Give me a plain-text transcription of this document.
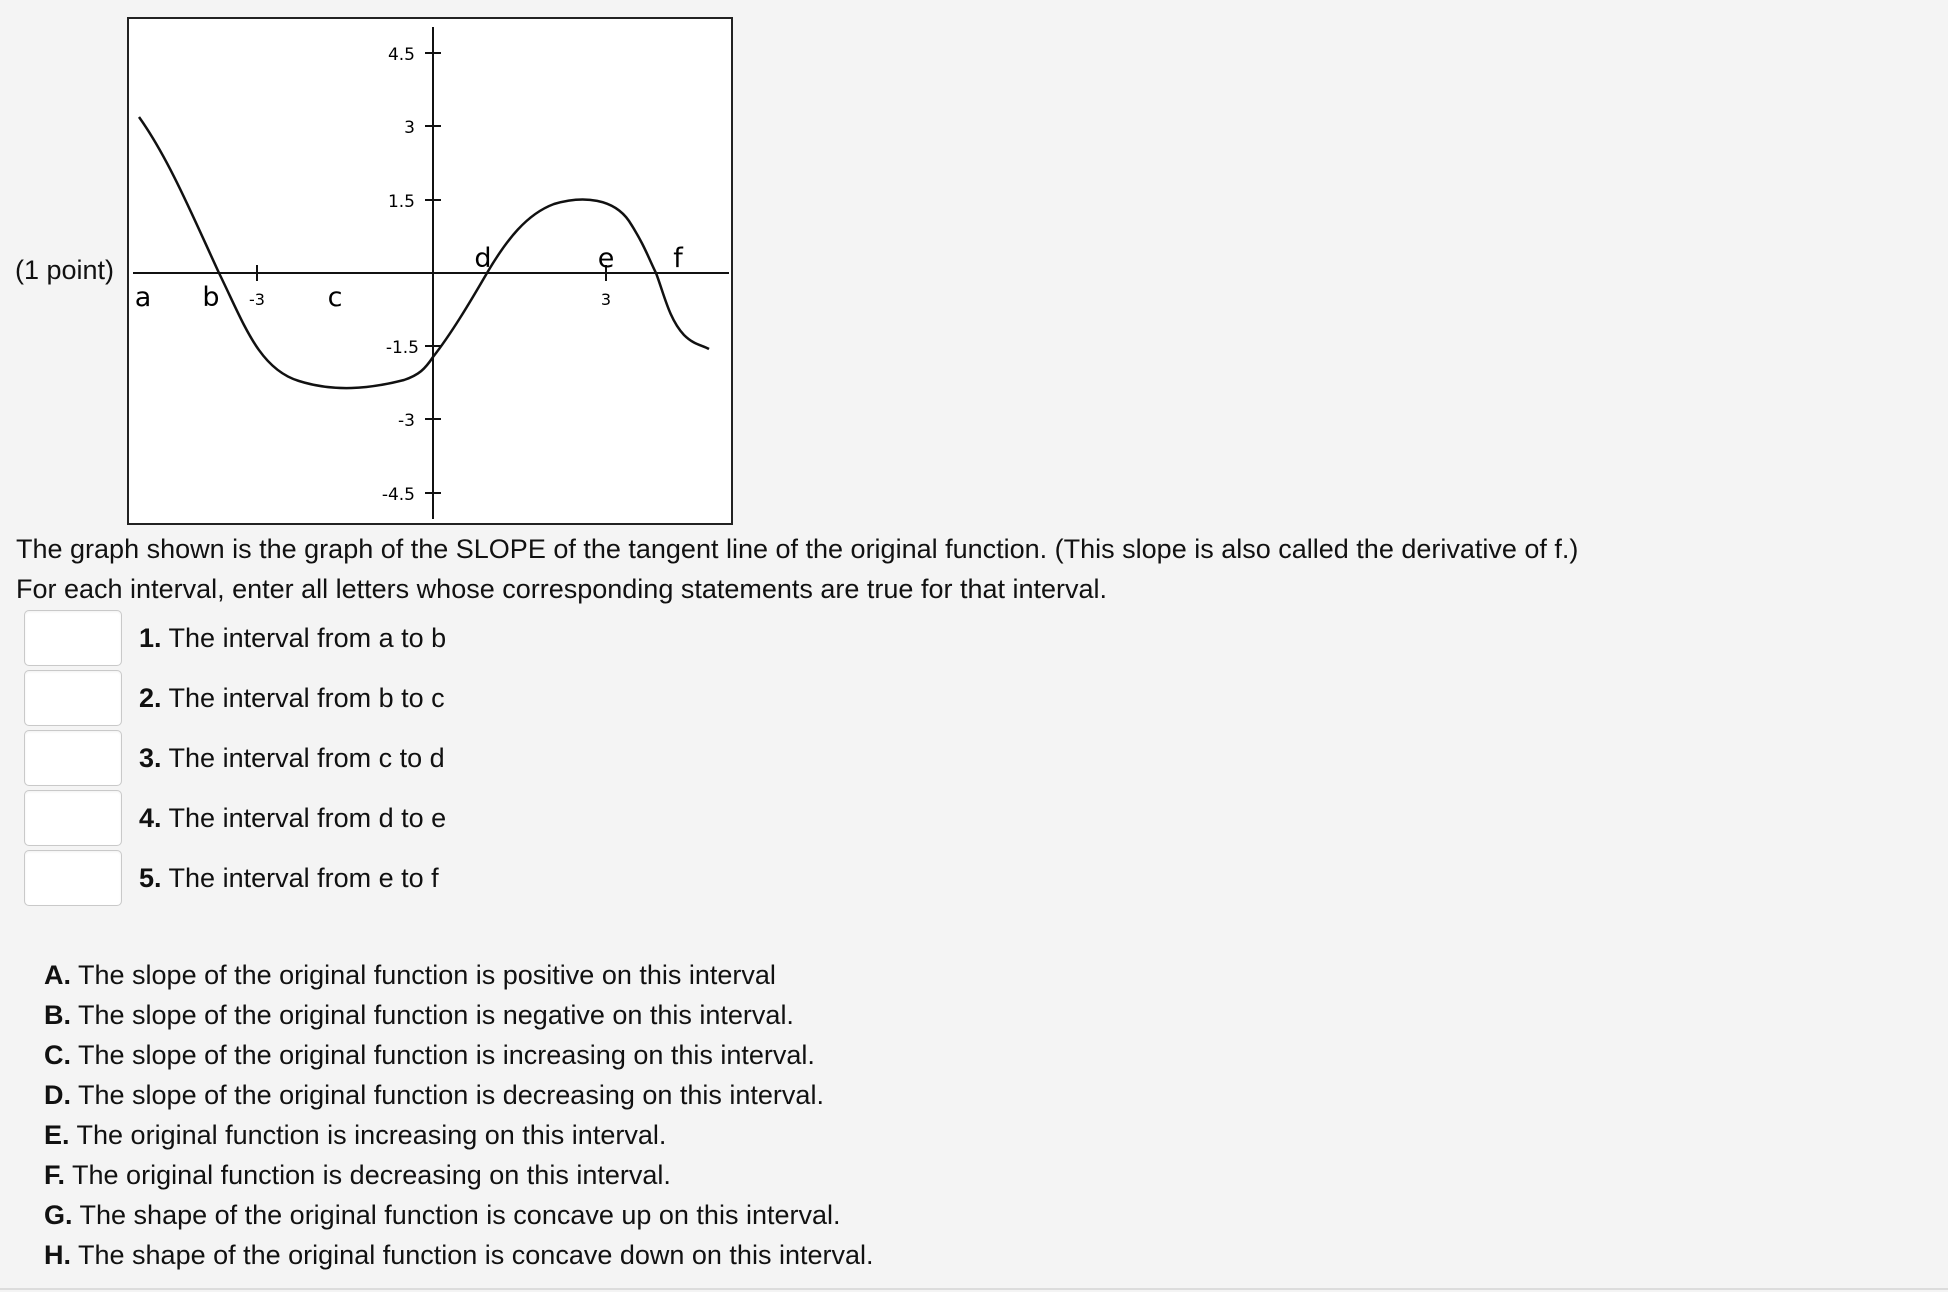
(1 point)
4.5
3
1.5
-1.5
-3
-4.5
-3	3
a b	c
d	e f
The graph shown is the graph of the SLOPE of the tangent line of the original function. (This slope is also called the derivative of f.)
For each interval, enter all letters whose corresponding statements are true for that interval.
1. The interval from a to b
2. The interval from b to c
3. The interval from c to d
4. The interval from d to e
5. The interval from e to f
A. The slope of the original function is positive on this interval
B. The slope of the original function is negative on this interval.
C. The slope of the original function is increasing on this interval.
D. The slope of the original function is decreasing on this interval.
E. The original function is increasing on this interval.
F. The original function is decreasing on this interval.
G. The shape of the original function is concave up on this interval.
H. The shape of the original function is concave down on this interval.
